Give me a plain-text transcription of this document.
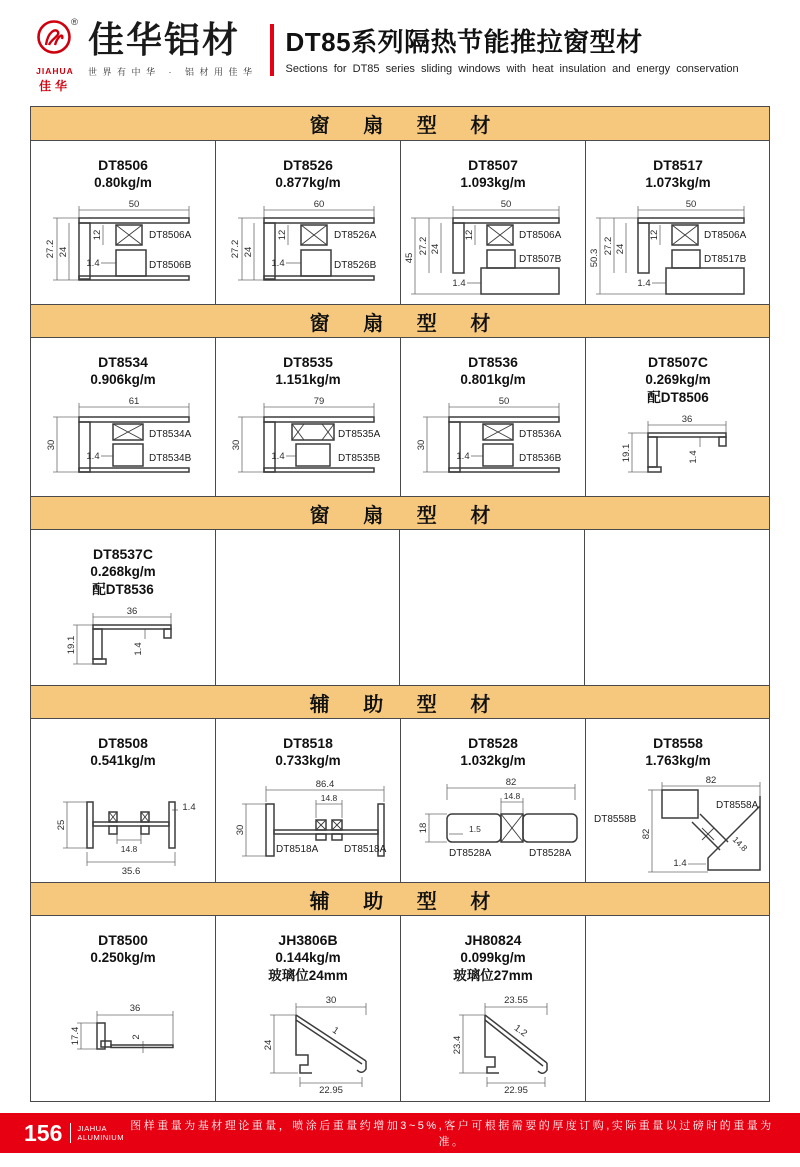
®
JIAHUA
佳华
佳华铝材
世界有中华 · 铝材用佳华
DT85系列隔热节能推拉窗型材
Sections for DT85 series sliding windows with heat insulation and energy conservation
窗 扇 型 材
DT8506
0.80kg/m
50
27.2 24
12
1.4
DT8506A
DT8506B
DT8526
0.877kg/m
60
27.2 24
12
1.4
DT8526A
DT8526B
DT8507
1.093kg/m
50
45
27.2 24
12
1.4
DT8506A
DT8507B
DT8517
1.073kg/m
50
50.3
27.2 24
12
1.4
DT8506A
DT8517B
窗 扇 型 材
DT8534
0.906kg/m
61
30
1.4
DT8534A
DT8534B
DT8535
1.151kg/m
79
30
1.4
DT8535A
DT8535B
DT8536
0.801kg/m
50
30
1.4
DT8536A
DT8536B
DT8507C
0.269kg/m
配DT8506
36
19.1	1.4
窗 扇 型 材
DT8537C
0.268kg/m
配DT8536
36
19.1	1.4
辅 助 型 材
DT8508
0.541kg/m
25
14.8
35.6
1.4
DT8518
0.733kg/m
86.4
14.8
30
DT8518A	DT8518A
DT8528
1.032kg/m
82
14.8
18	1.5
DT8528A	DT8528A
DT8558
1.763kg/m
82
82
14.8
1.4
DT8558A
DT8558B
辅 助 型 材
DT8500
0.250kg/m
36
17.4	2
JH3806B
0.144kg/m
玻璃位24mm
30
24
22.95
1
JH80824
0.099kg/m
玻璃位27mm
23.55
23.4
22.95
1.2
156 JIAHUA
ALUMINIUM
图样重量为基材理论重量，喷涂后重量约增加3~5%,客户可根据需要的厚度订购,实际重量以过磅时的重量为准。
